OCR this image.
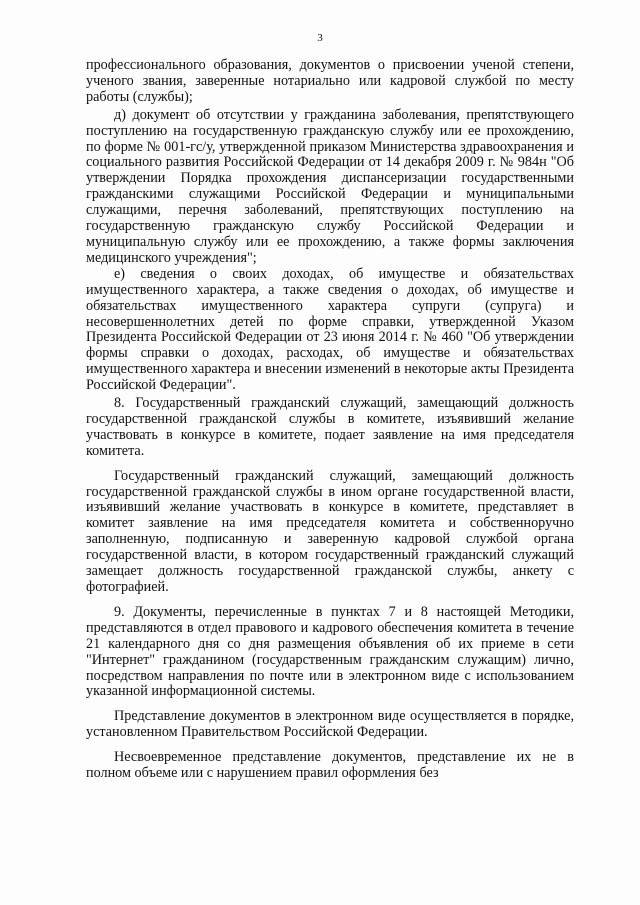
3

профессионального образования, документов о присвоении ученой степени, ученого звания, заверенные нотариально или кадровой службой по месту работы (службы);

д) документ об отсутствии у гражданина заболевания, препятствующего поступлению на государственную гражданскую службу или ее прохождению, по форме № 001-гс/у, утвержденной приказом Министерства здравоохранения и социального развития Российской Федерации от 14 декабря 2009 г. № 984н "Об утверждении Порядка прохождения диспансеризации государственными гражданскими служащими Российской Федерации и муниципальными служащими, перечня заболеваний, препятствующих поступлению на государственную гражданскую службу Российской Федерации и муниципальную службу или ее прохождению, а также формы заключения медицинского учреждения";

е) сведения о своих доходах, об имуществе и обязательствах имущественного характера, а также сведения о доходах, об имуществе и обязательствах имущественного характера супруги (супруга) и несовершеннолетних детей по форме справки, утвержденной Указом Президента Российской Федерации от 23 июня 2014 г. № 460 "Об утверждении формы справки о доходах, расходах, об имуществе и обязательствах имущественного характера и внесении изменений в некоторые акты Президента Российской Федерации".

8. Государственный гражданский служащий, замещающий должность государственной гражданской службы в комитете, изъявивший желание участвовать в конкурсе в комитете, подает заявление на имя председателя комитета.

Государственный гражданский служащий, замещающий должность государственной гражданской службы в ином органе государственной власти, изъявивший желание участвовать в конкурсе в комитете, представляет в комитет заявление на имя председателя комитета и собственноручно заполненную, подписанную и заверенную кадровой службой органа государственной власти, в котором государственный гражданский служащий замещает должность государственной гражданской службы, анкету с фотографией.

9. Документы, перечисленные в пунктах 7 и 8 настоящей Методики, представляются в отдел правового и кадрового обеспечения комитета в течение 21 календарного дня со дня размещения объявления об их приеме в сети "Интернет" гражданином (государственным гражданским служащим) лично, посредством направления по почте или в электронном виде с использованием указанной информационной системы.

Представление документов в электронном виде осуществляется в порядке, установленном Правительством Российской Федерации.

Несвоевременное представление документов, представление их не в полном объеме или с нарушением правил оформления без
